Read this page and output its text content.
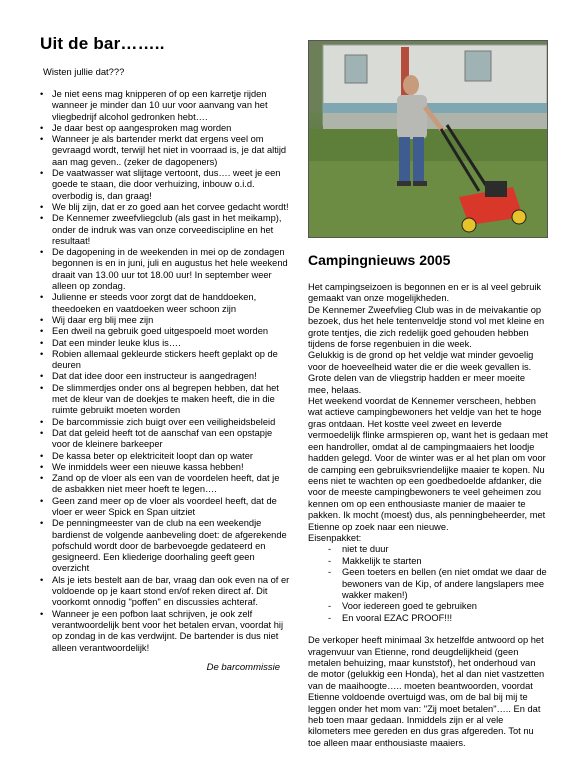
Uit de bar……..

Wisten jullie dat???

• Je niet eens mag knipperen of op een karretje rijden wanneer je minder dan 10 uur voor aanvang van het vliegbedrijf alcohol gedronken hebt….
• Je daar best op aangesproken mag worden
• Wanneer je als bartender merkt dat ergens veel om gevraagd wordt, terwijl het niet in voorraad is, je dat altijd aan mag geven.. (zeker de dagopeners)
• De vaatwasser wat slijtage vertoont, dus…. weet je een goede te staan, die door verhuizing, inbouw o.i.d. overbodig is, dan graag!
• We blij zijn, dat er zo goed aan het corvee gedacht wordt!
• De Kennemer zweefvliegclub (als gast in het meikamp), onder de indruk was van onze corveediscipline en het resultaat!
• De dagopening in de weekenden in mei op de zondagen begonnen is en in juni, juli en augustus het hele weekend draait van 13.00 uur tot 18.00 uur! In september weer alleen op zondag.
• Julienne er steeds voor zorgt dat de handdoeken, theedoeken en vaatdoeken weer schoon zijn
• Wij daar erg blij mee zijn
• Een dweil na gebruik goed uitgespoeld moet worden
• Dat een minder leuke klus is….
• Robien allemaal gekleurde stickers heeft geplakt op de deuren
• Dat dat idee door een instructeur is aangedragen!
• De slimmerdjes onder ons al begrepen hebben, dat het met de kleur van de doekjes te maken heeft, die in die ruimte gebruikt moeten worden
• De barcommissie zich buigt over een veiligheidsbeleid
• Dat dat geleid heeft tot de aanschaf van een opstapje voor de kleinere barkeeper
• De kassa beter op elektriciteit loopt dan op water
• We inmiddels weer een nieuwe kassa hebben!
• Zand op de vloer als een van de voordelen heeft, dat je de asbakken niet meer hoeft te legen….
• Geen zand meer op de vloer als voordeel heeft, dat de vloer er weer Spick en Span uitziet
• De penningmeester van de club na een weekendje bardienst de volgende aanbeveling doet: de afgerekende pofschuld wordt door de barbevoegde gedateerd en gesigneerd. Een kliederige doorhaling geeft geen overzicht
• Als je iets bestelt aan de bar, vraag dan ook even na of er voldoende op je kaart stond en/of reken direct af. Dit voorkomt onnodig "poffen" en discussies achteraf.
• Wanneer je een pofbon laat schrijven, je ook zelf verantwoordelijk bent voor het betalen ervan, voordat hij op zondag in de kas verdwijnt. De bartender is dus niet alleen verantwoordelijk!
De barcommissie
Campingnieuws 2005

Het campingseizoen is begonnen en er is al veel gebruik gemaakt van onze mogelijkheden.

De Kennemer Zweefvlieg Club was in de meivakantie op bezoek, dus het hele tentenveldje stond vol met kleine en grote tentjes, die zich redelijk goed gehouden hebben tijdens de forse regenbuien in die week.

Gelukkig is de grond op het veldje wat minder gevoelig voor de hoeveelheid water die er die week gevallen is. Grote delen van de vliegstrip hadden er meer moeite mee, helaas.

Het weekend voordat de Kennemer verscheen, hebben wat actieve campingbewoners het veldje van het te hoge gras ontdaan. Het kostte veel zweet en leverde vermoedelijk flinke armspieren op, want het is gedaan met een handroller, omdat al de campingmaaiers het loodje hadden gelegd. Voor de winter was er al het plan om voor de camping een gebruiksvriendelijke maaier te kopen. Nu eens niet te wachten op een goedbedoelde afdanker, die voor de meeste campingbewoners te veel geheimen zou kennen om op een enthousiaste manier de maaier te pakken. Ik mocht (moest) dus, als penningbeheerder, met Etienne op zoek naar een nieuwe.

Eisenpakket:
- niet te duur
- Makkelijk te starten
- Geen toeters en bellen (en niet omdat we daar de bewoners van de Kip, of andere langslapers mee wakker maken!)
- Voor iedereen goed te gebruiken
- En vooral EZAC PROOF!!!

De verkoper heeft minimaal 3x hetzelfde antwoord op het vragenvuur van Etienne, rond deugdelijkheid (geen metalen behuizing, maar kunststof), het onderhoud van de motor (gelukkig een Honda), het al dan niet vastzetten van de maaihoogte….. moeten beantwoorden, voordat Etienne voldoende overtuigd was, om de bal bij mij te leggen onder het mom van: "Zij moet betalen"….. En dat heb toen maar gedaan. Inmiddels zijn er al vele kilometers mee gereden en dus gras afgereden. Tot nu toe alleen maar enthousiaste maaiers.
